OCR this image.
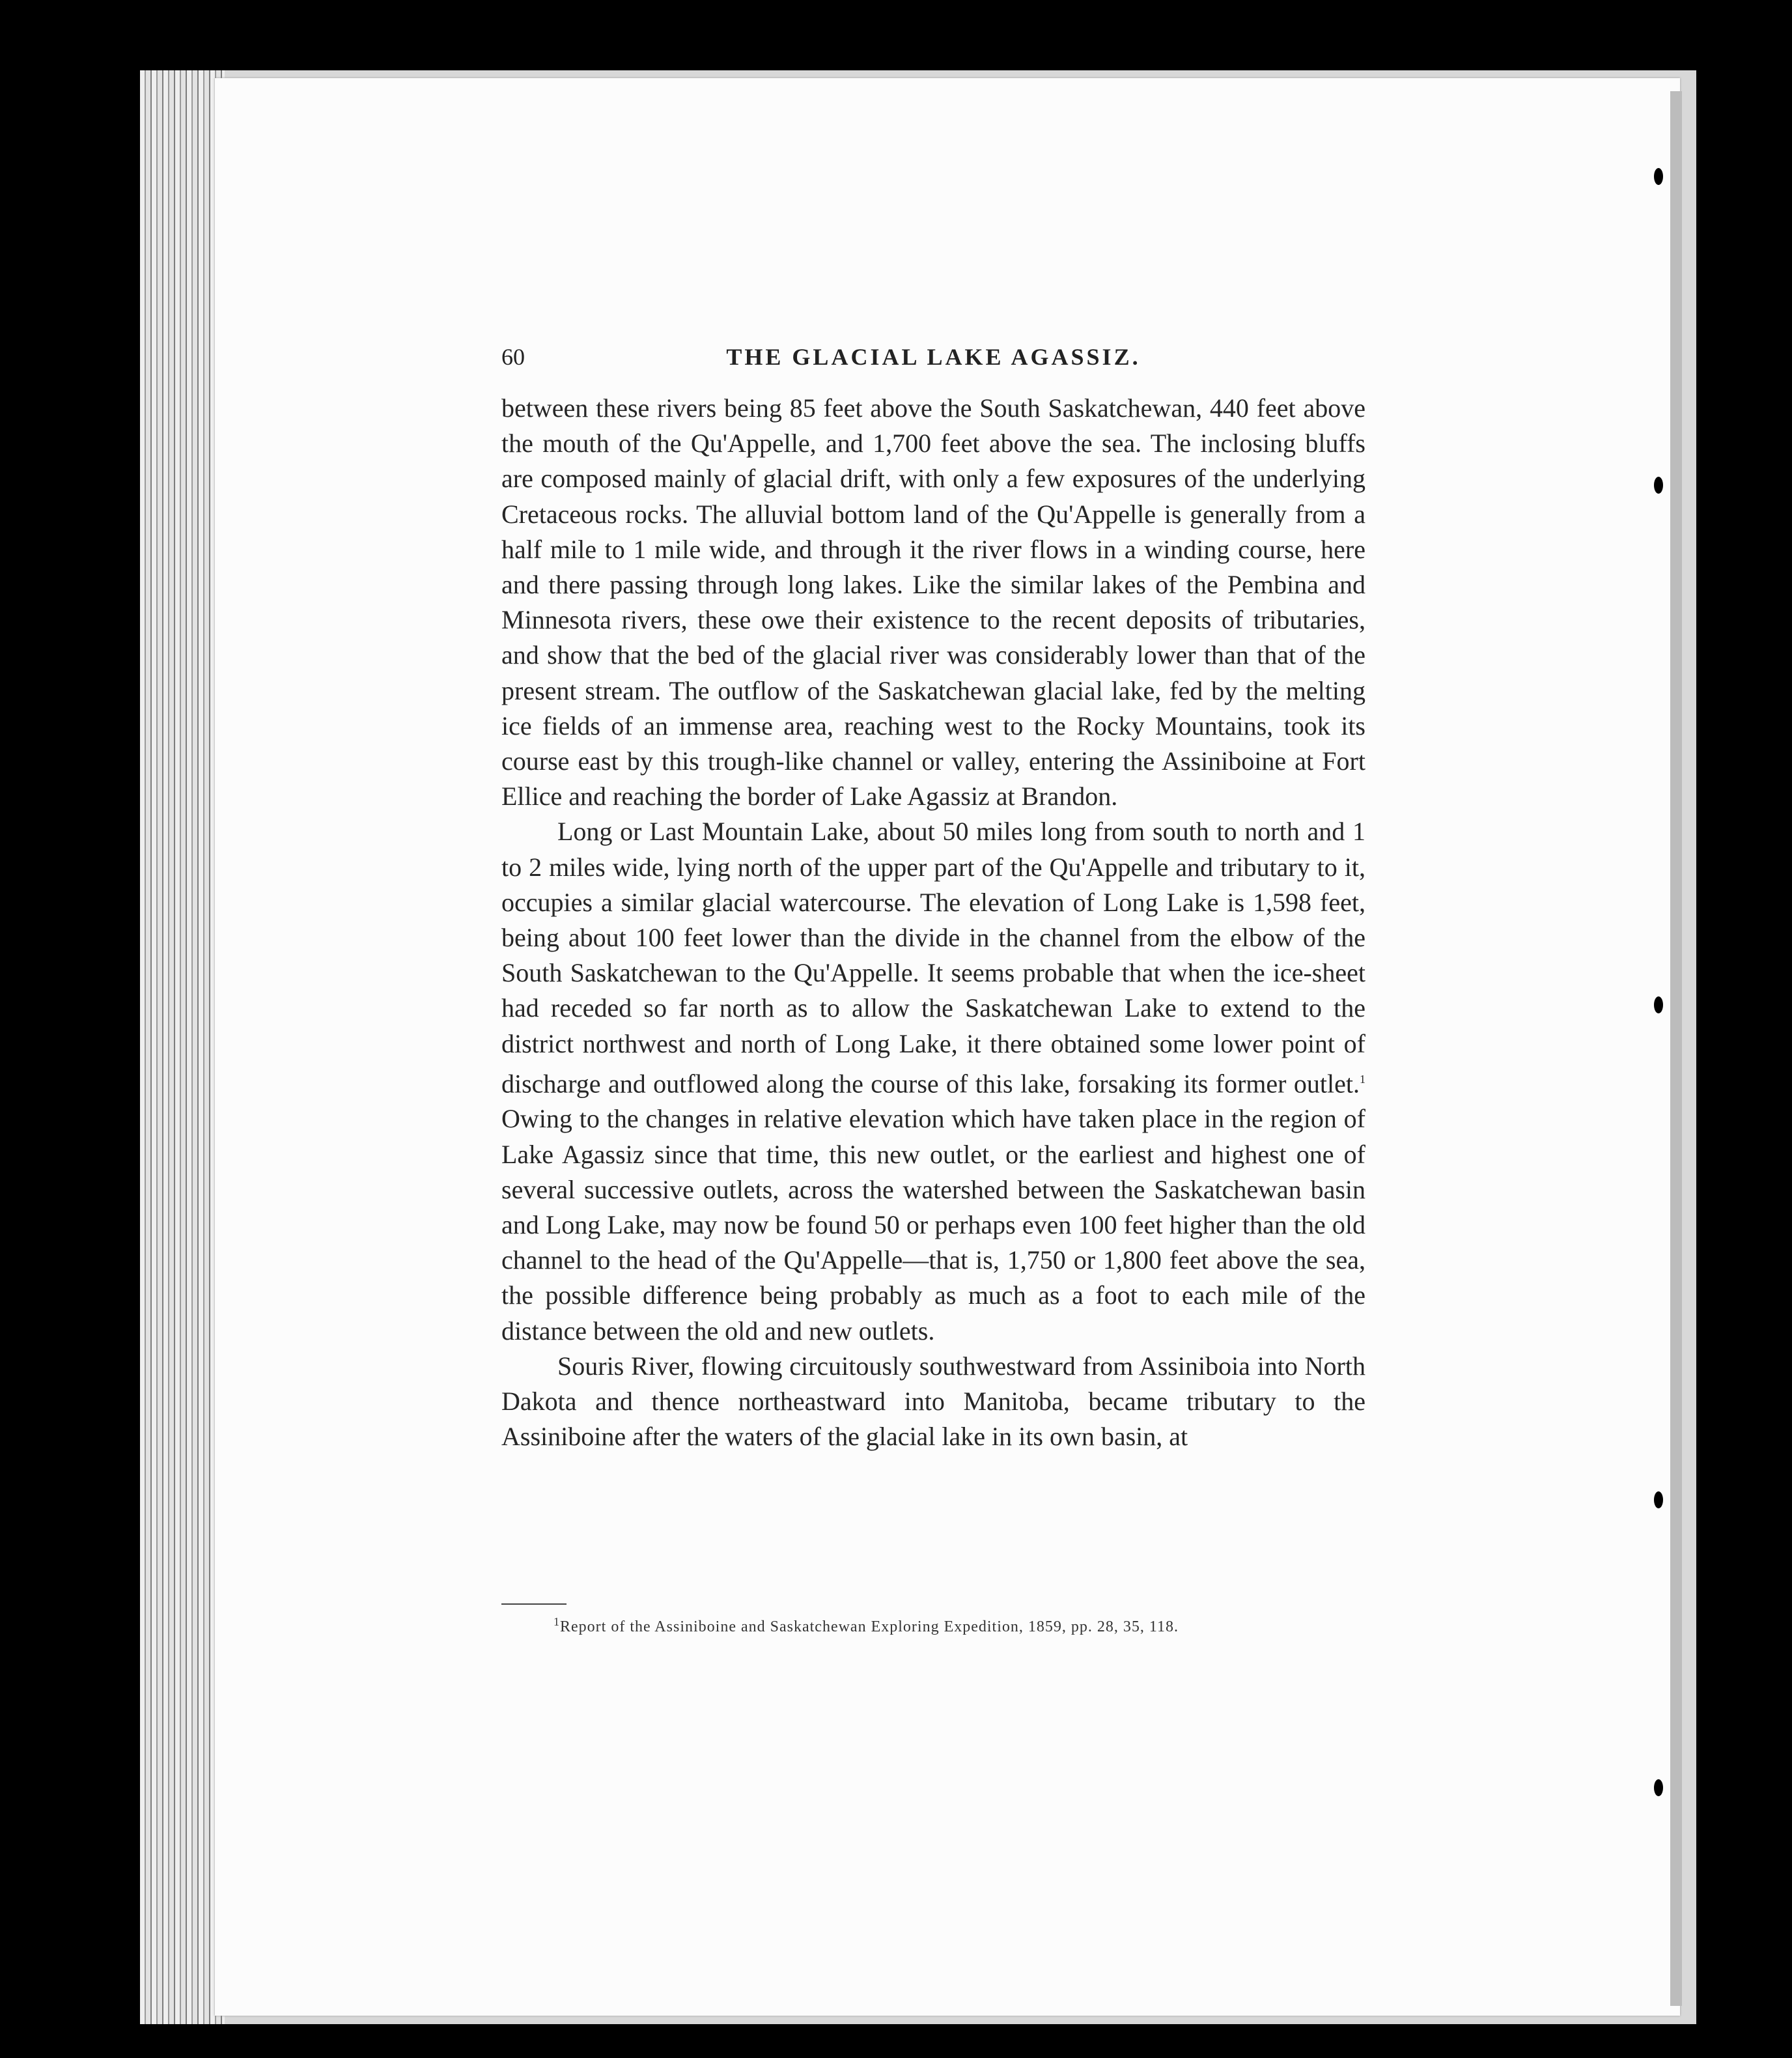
60	THE GLACIAL LAKE AGASSIZ.

between these rivers being 85 feet above the South Saskatchewan, 440 feet above the mouth of the Qu'Appelle, and 1,700 feet above the sea. The inclosing bluffs are composed mainly of glacial drift, with only a few exposures of the underlying Cretaceous rocks. The alluvial bottom land of the Qu'Appelle is generally from a half mile to 1 mile wide, and through it the river flows in a winding course, here and there passing through long lakes. Like the similar lakes of the Pembina and Minnesota rivers, these owe their existence to the recent deposits of tributaries, and show that the bed of the glacial river was considerably lower than that of the present stream. The outflow of the Saskatchewan glacial lake, fed by the melting ice fields of an immense area, reaching west to the Rocky Mountains, took its course east by this trough-like channel or valley, entering the Assiniboine at Fort Ellice and reaching the border of Lake Agassiz at Brandon.

Long or Last Mountain Lake, about 50 miles long from south to north and 1 to 2 miles wide, lying north of the upper part of the Qu'Appelle and tributary to it, occupies a similar glacial watercourse. The elevation of Long Lake is 1,598 feet, being about 100 feet lower than the divide in the channel from the elbow of the South Saskatchewan to the Qu'Appelle. It seems probable that when the ice-sheet had receded so far north as to allow the Saskatchewan Lake to extend to the district northwest and north of Long Lake, it there obtained some lower point of discharge and outflowed along the course of this lake, forsaking its former outlet.$^1$ Owing to the changes in relative elevation which have taken place in the region of Lake Agassiz since that time, this new outlet, or the earliest and highest one of several successive outlets, across the watershed between the Saskatchewan basin and Long Lake, may now be found 50 or perhaps even 100 feet higher than the old channel to the head of the Qu'Appelle—that is, 1,750 or 1,800 feet above the sea, the possible difference being probably as much as a foot to each mile of the distance between the old and new outlets.

Souris River, flowing circuitously southwestward from Assiniboia into North Dakota and thence northeastward into Manitoba, became tributary to the Assiniboine after the waters of the glacial lake in its own basin, at

$^1$Report of the Assiniboine and Saskatchewan Exploring Expedition, 1859, pp. 28, 35, 118.
